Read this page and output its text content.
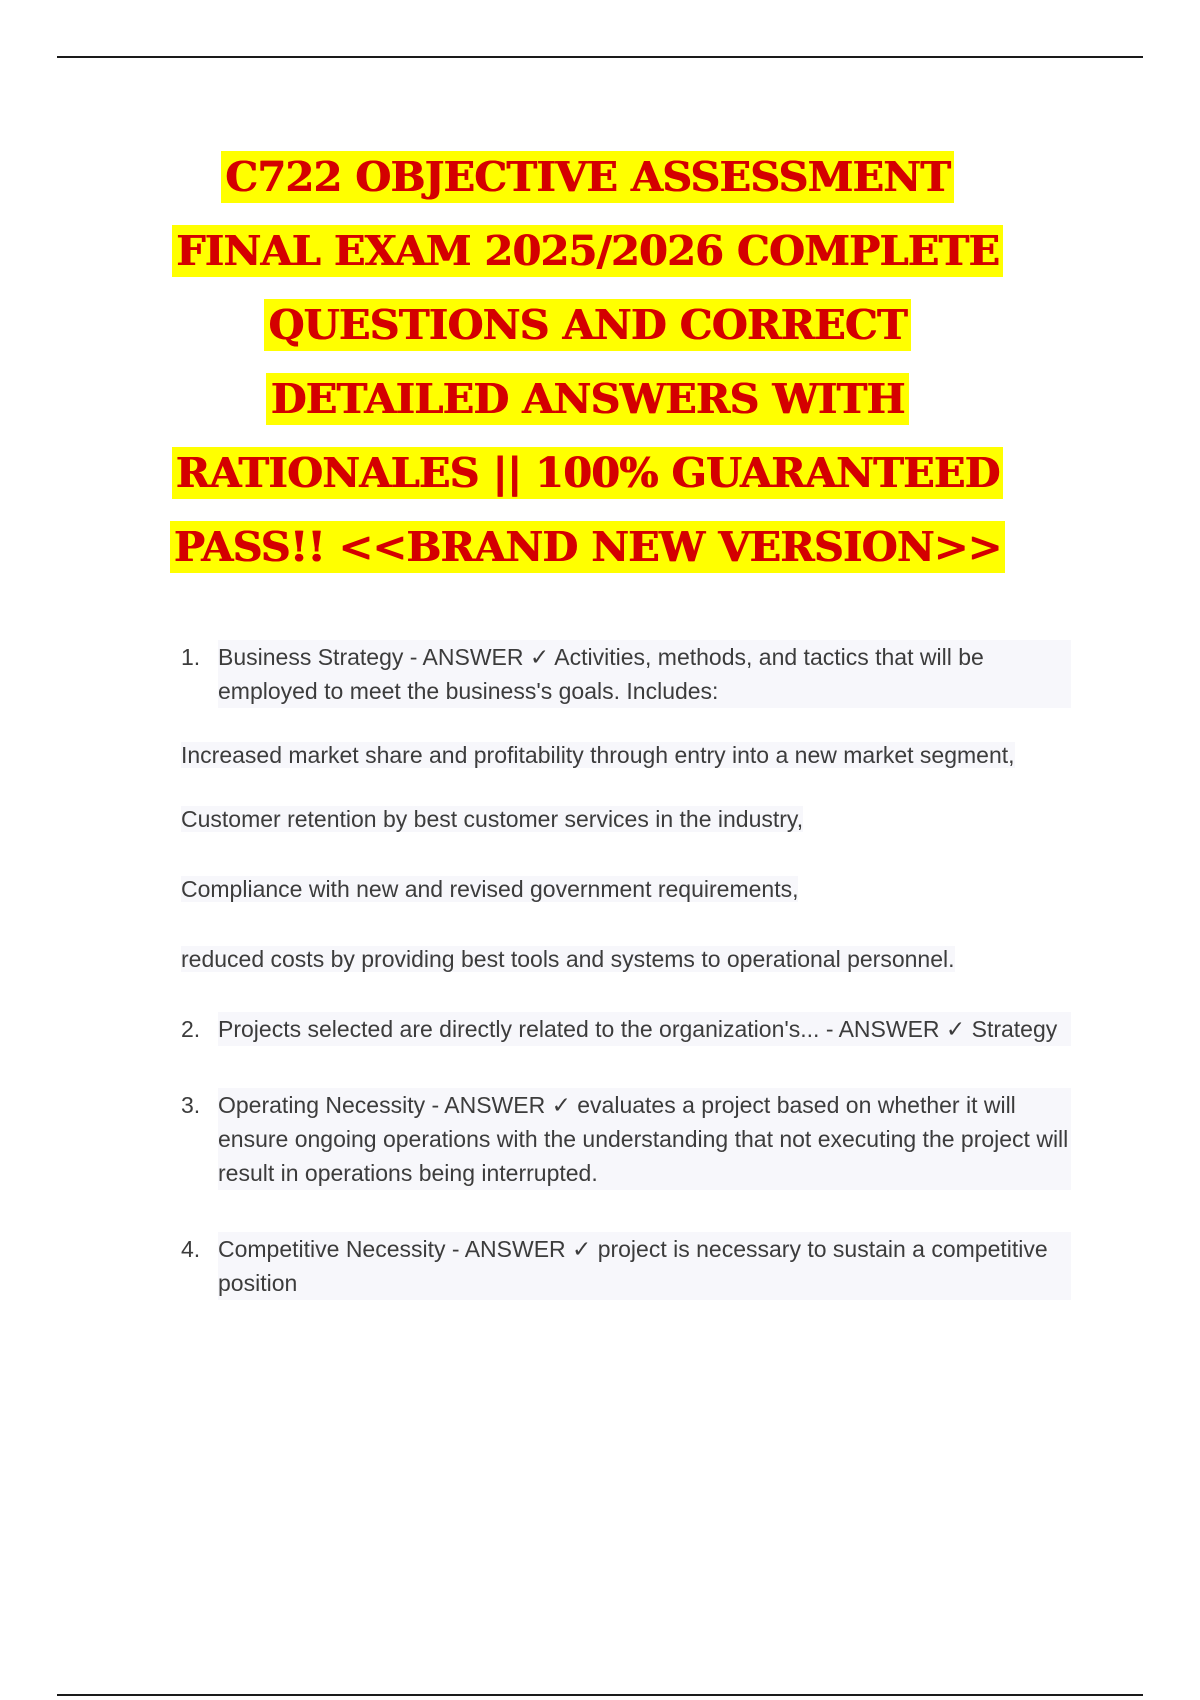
C722 OBJECTIVE ASSESSMENT FINAL EXAM 2025/2026 COMPLETE QUESTIONS AND CORRECT DETAILED ANSWERS WITH RATIONALES || 100% GUARANTEED PASS!! <<BRAND NEW VERSION>>

1. Business Strategy - ANSWER ✓ Activities, methods, and tactics that will be employed to meet the business's goals. Includes:

Increased market share and profitability through entry into a new market segment,

Customer retention by best customer services in the industry,

Compliance with new and revised government requirements,

reduced costs by providing best tools and systems to operational personnel.

2. Projects selected are directly related to the organization's... - ANSWER ✓ Strategy

3. Operating Necessity - ANSWER ✓ evaluates a project based on whether it will ensure ongoing operations with the understanding that not executing the project will result in operations being interrupted.

4. Competitive Necessity - ANSWER ✓ project is necessary to sustain a competitive position
